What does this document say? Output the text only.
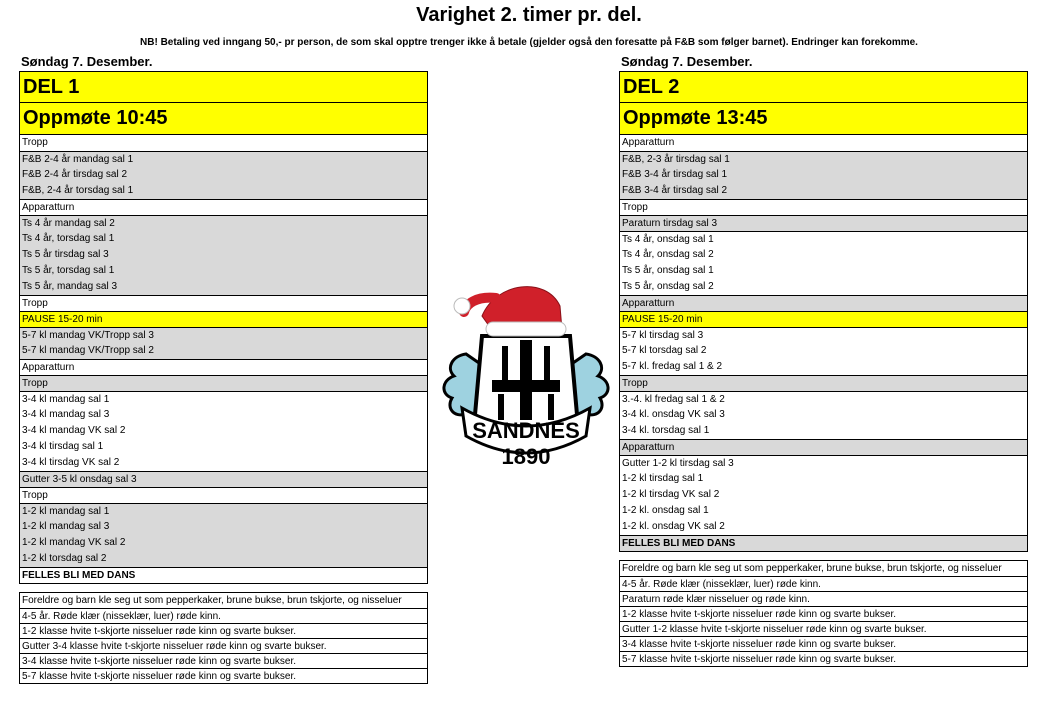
Varighet 2. timer pr. del.
NB! Betaling ved inngang 50,- pr person, de som skal opptre trenger ikke å betale (gjelder også den foresatte på F&B som følger barnet). Endringer kan forekomme.
Søndag 7. Desember.
DEL 1
Oppmøte 10:45
Tropp
F&B 2-4 år mandag sal 1
F&B 2-4 år tirsdag sal 2
F&B, 2-4 år torsdag sal 1
Apparatturn
Ts 4 år mandag sal 2
Ts 4 år, torsdag sal 1
Ts 5 år tirsdag sal 3
Ts 5 år, torsdag sal 1
Ts 5 år, mandag sal 3
Tropp
PAUSE 15-20 min
5-7 kl mandag VK/Tropp sal 3
5-7 kl mandag VK/Tropp sal 2
Apparatturn
Tropp
3-4 kl mandag sal 1
3-4 kl mandag sal 3
3-4 kl mandag VK sal 2
3-4 kl tirsdag sal 1
3-4 kl tirsdag VK sal 2
Gutter 3-5 kl onsdag sal 3
Tropp
1-2 kl mandag sal 1
1-2 kl mandag sal 3
1-2 kl mandag VK sal 2
1-2 kl torsdag sal 2
FELLES BLI MED DANS
Foreldre og barn kle seg ut som pepperkaker, brune bukse, brun tskjorte, og nisseluer
4-5 år. Røde klær (nisseklær, luer) røde kinn.
1-2 klasse hvite t-skjorte nisseluer røde kinn og svarte bukser.
Gutter 3-4 klasse hvite t-skjorte nisseluer røde kinn og svarte bukser.
3-4 klasse hvite t-skjorte nisseluer røde kinn og svarte bukser.
5-7 klasse hvite t-skjorte nisseluer røde kinn og svarte bukser.
Søndag 7. Desember.
DEL 2
Oppmøte 13:45
Apparatturn
F&B, 2-3 år tirsdag sal 1
F&B 3-4 år tirsdag sal 1
F&B 3-4 år tirsdag sal 2
Tropp
Paraturn tirsdag sal 3
Ts 4 år, onsdag sal 1
Ts 4 år, onsdag sal 2
Ts 5 år, onsdag sal 1
Ts 5 år, onsdag sal 2
Apparatturn
PAUSE 15-20 min
5-7 kl tirsdag sal 3
5-7 kl torsdag sal 2
5-7 kl. fredag sal 1 & 2
Tropp
3.-4. kl fredag sal 1 & 2
3-4 kl. onsdag VK sal 3
3-4 kl. torsdag sal 1
Apparatturn
Gutter 1-2 kl tirsdag sal 3
1-2 kl tirsdag sal 1
1-2 kl tirsdag VK sal 2
1-2 kl. onsdag sal 1
1-2 kl. onsdag VK sal 2
FELLES BLI MED DANS
Foreldre og barn kle seg ut som pepperkaker, brune bukse, brun tskjorte, og nisseluer
4-5 år. Røde klær (nisseklær, luer) røde kinn.
Paraturn røde klær nisseluer og røde kinn.
1-2 klasse hvite t-skjorte nisseluer røde kinn og svarte bukser.
Gutter 1-2 klasse hvite t-skjorte nisseluer røde kinn og svarte bukser.
3-4 klasse hvite t-skjorte nisseluer røde kinn og svarte bukser.
5-7 klasse hvite t-skjorte nisseluer røde kinn og svarte bukser.
SANDNES
1890
